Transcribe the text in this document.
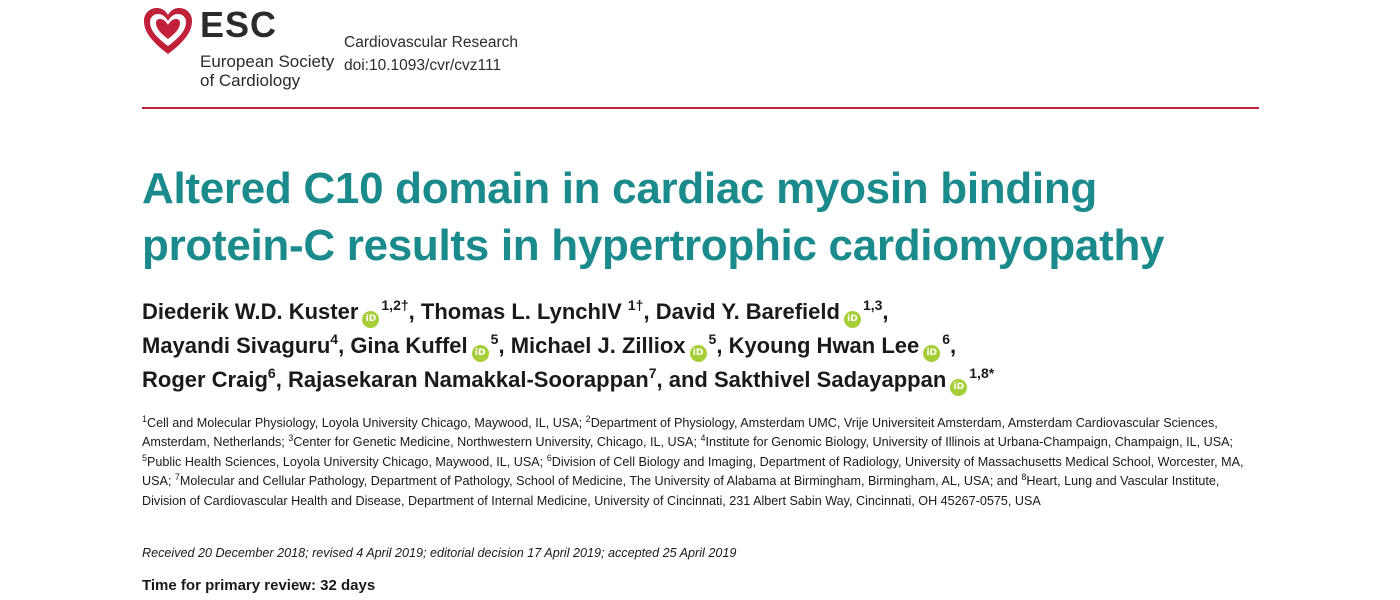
ESC
European Society
of Cardiology
Cardiovascular Research
doi:10.1093/cvr/cvz111
Altered C10 domain in cardiac myosin binding
protein-C results in hypertrophic cardiomyopathy
Diederik W.D. Kuster $iD^{1,2\dagger}$, Thomas L. LynchIV $^{1\dagger}$, David Y. Barefield iD$^{1,3}$,
Mayandi Sivaguru$^4$, Gina Kuffel $iD^5$, Michael J. Zilliox $iD^5$, Kyoung Hwan Lee $iD^6$,
Roger Craig$^6$, Rajasekaran Namakkal-Soorappan$^7$, and Sakthivel Sadayappan $iD^{1,8*}$
$^1$Cell and Molecular Physiology, Loyola University Chicago, Maywood, IL, USA; $^2$Department of Physiology, Amsterdam UMC, Vrije Universiteit Amsterdam, Amsterdam Cardiovascular Sciences, Amsterdam, Netherlands; $^3$Center for Genetic Medicine, Northwestern University, Chicago, IL, USA; $^4$Institute for Genomic Biology, University of Illinois at Urbana-Champaign, Champaign, IL, USA; $^5$Public Health Sciences, Loyola University Chicago, Maywood, IL, USA; $^6$Division of Cell Biology and Imaging, Department of Radiology, University of Massachusetts Medical School, Worcester, MA, USA; $^7$Molecular and Cellular Pathology, Department of Pathology, School of Medicine, The University of Alabama at Birmingham, Birmingham, AL, USA; and $^8$Heart, Lung and Vascular Institute, Division of Cardiovascular Health and Disease, Department of Internal Medicine, University of Cincinnati, 231 Albert Sabin Way, Cincinnati, OH 45267-0575, USA
Received 20 December 2018; revised 4 April 2019; editorial decision 17 April 2019; accepted 25 April 2019
Time for primary review: 32 days
